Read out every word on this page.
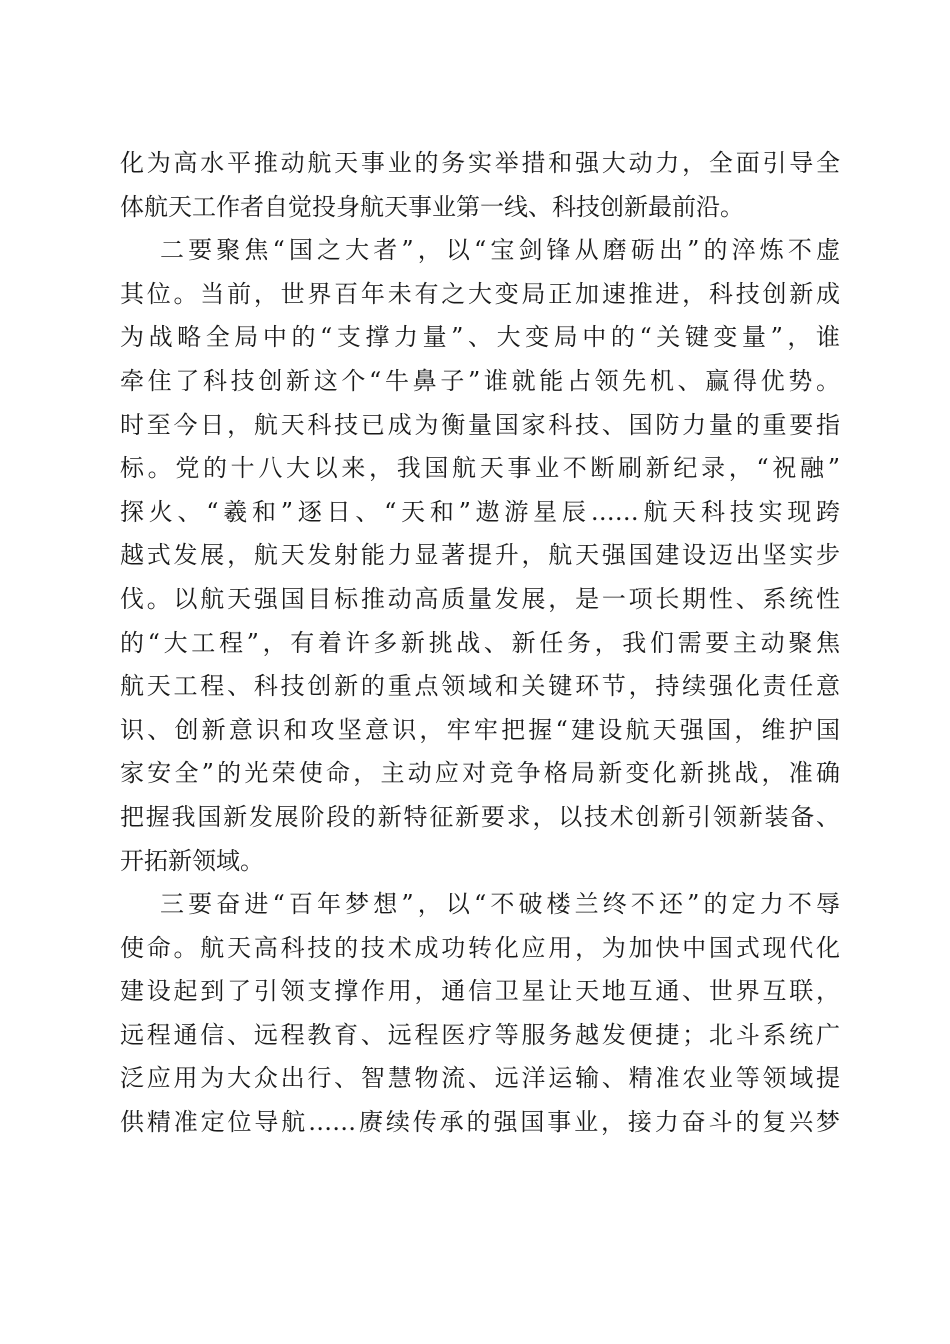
化为高水平推动航天事业的务实举措和强大动力，全面引导全
体航天工作者自觉投身航天事业第一线、科技创新最前沿。
二要聚焦“国之大者”，以“宝剑锋从磨砺出”的淬炼不虚
其位。当前，世界百年未有之大变局正加速推进，科技创新成
为战略全局中的“支撑力量”、大变局中的“关键变量”，谁
牵住了科技创新这个“牛鼻子”谁就能占领先机、赢得优势。
时至今日，航天科技已成为衡量国家科技、国防力量的重要指
标。党的十八大以来，我国航天事业不断刷新纪录，“祝融”
探火、“羲和”逐日、“天和”遨游星辰……航天科技实现跨
越式发展，航天发射能力显著提升，航天强国建设迈出坚实步
伐。以航天强国目标推动高质量发展，是一项长期性、系统性
的“大工程”，有着许多新挑战、新任务，我们需要主动聚焦
航天工程、科技创新的重点领域和关键环节，持续强化责任意
识、创新意识和攻坚意识，牢牢把握“建设航天强国，维护国
家安全”的光荣使命，主动应对竞争格局新变化新挑战，准确
把握我国新发展阶段的新特征新要求，以技术创新引领新装备、
开拓新领域。
三要奋进“百年梦想”，以“不破楼兰终不还”的定力不辱
使命。航天高科技的技术成功转化应用，为加快中国式现代化
建设起到了引领支撑作用，通信卫星让天地互通、世界互联，
远程通信、远程教育、远程医疗等服务越发便捷；北斗系统广
泛应用为大众出行、智慧物流、远洋运输、精准农业等领域提
供精准定位导航……赓续传承的强国事业，接力奋斗的复兴梦
